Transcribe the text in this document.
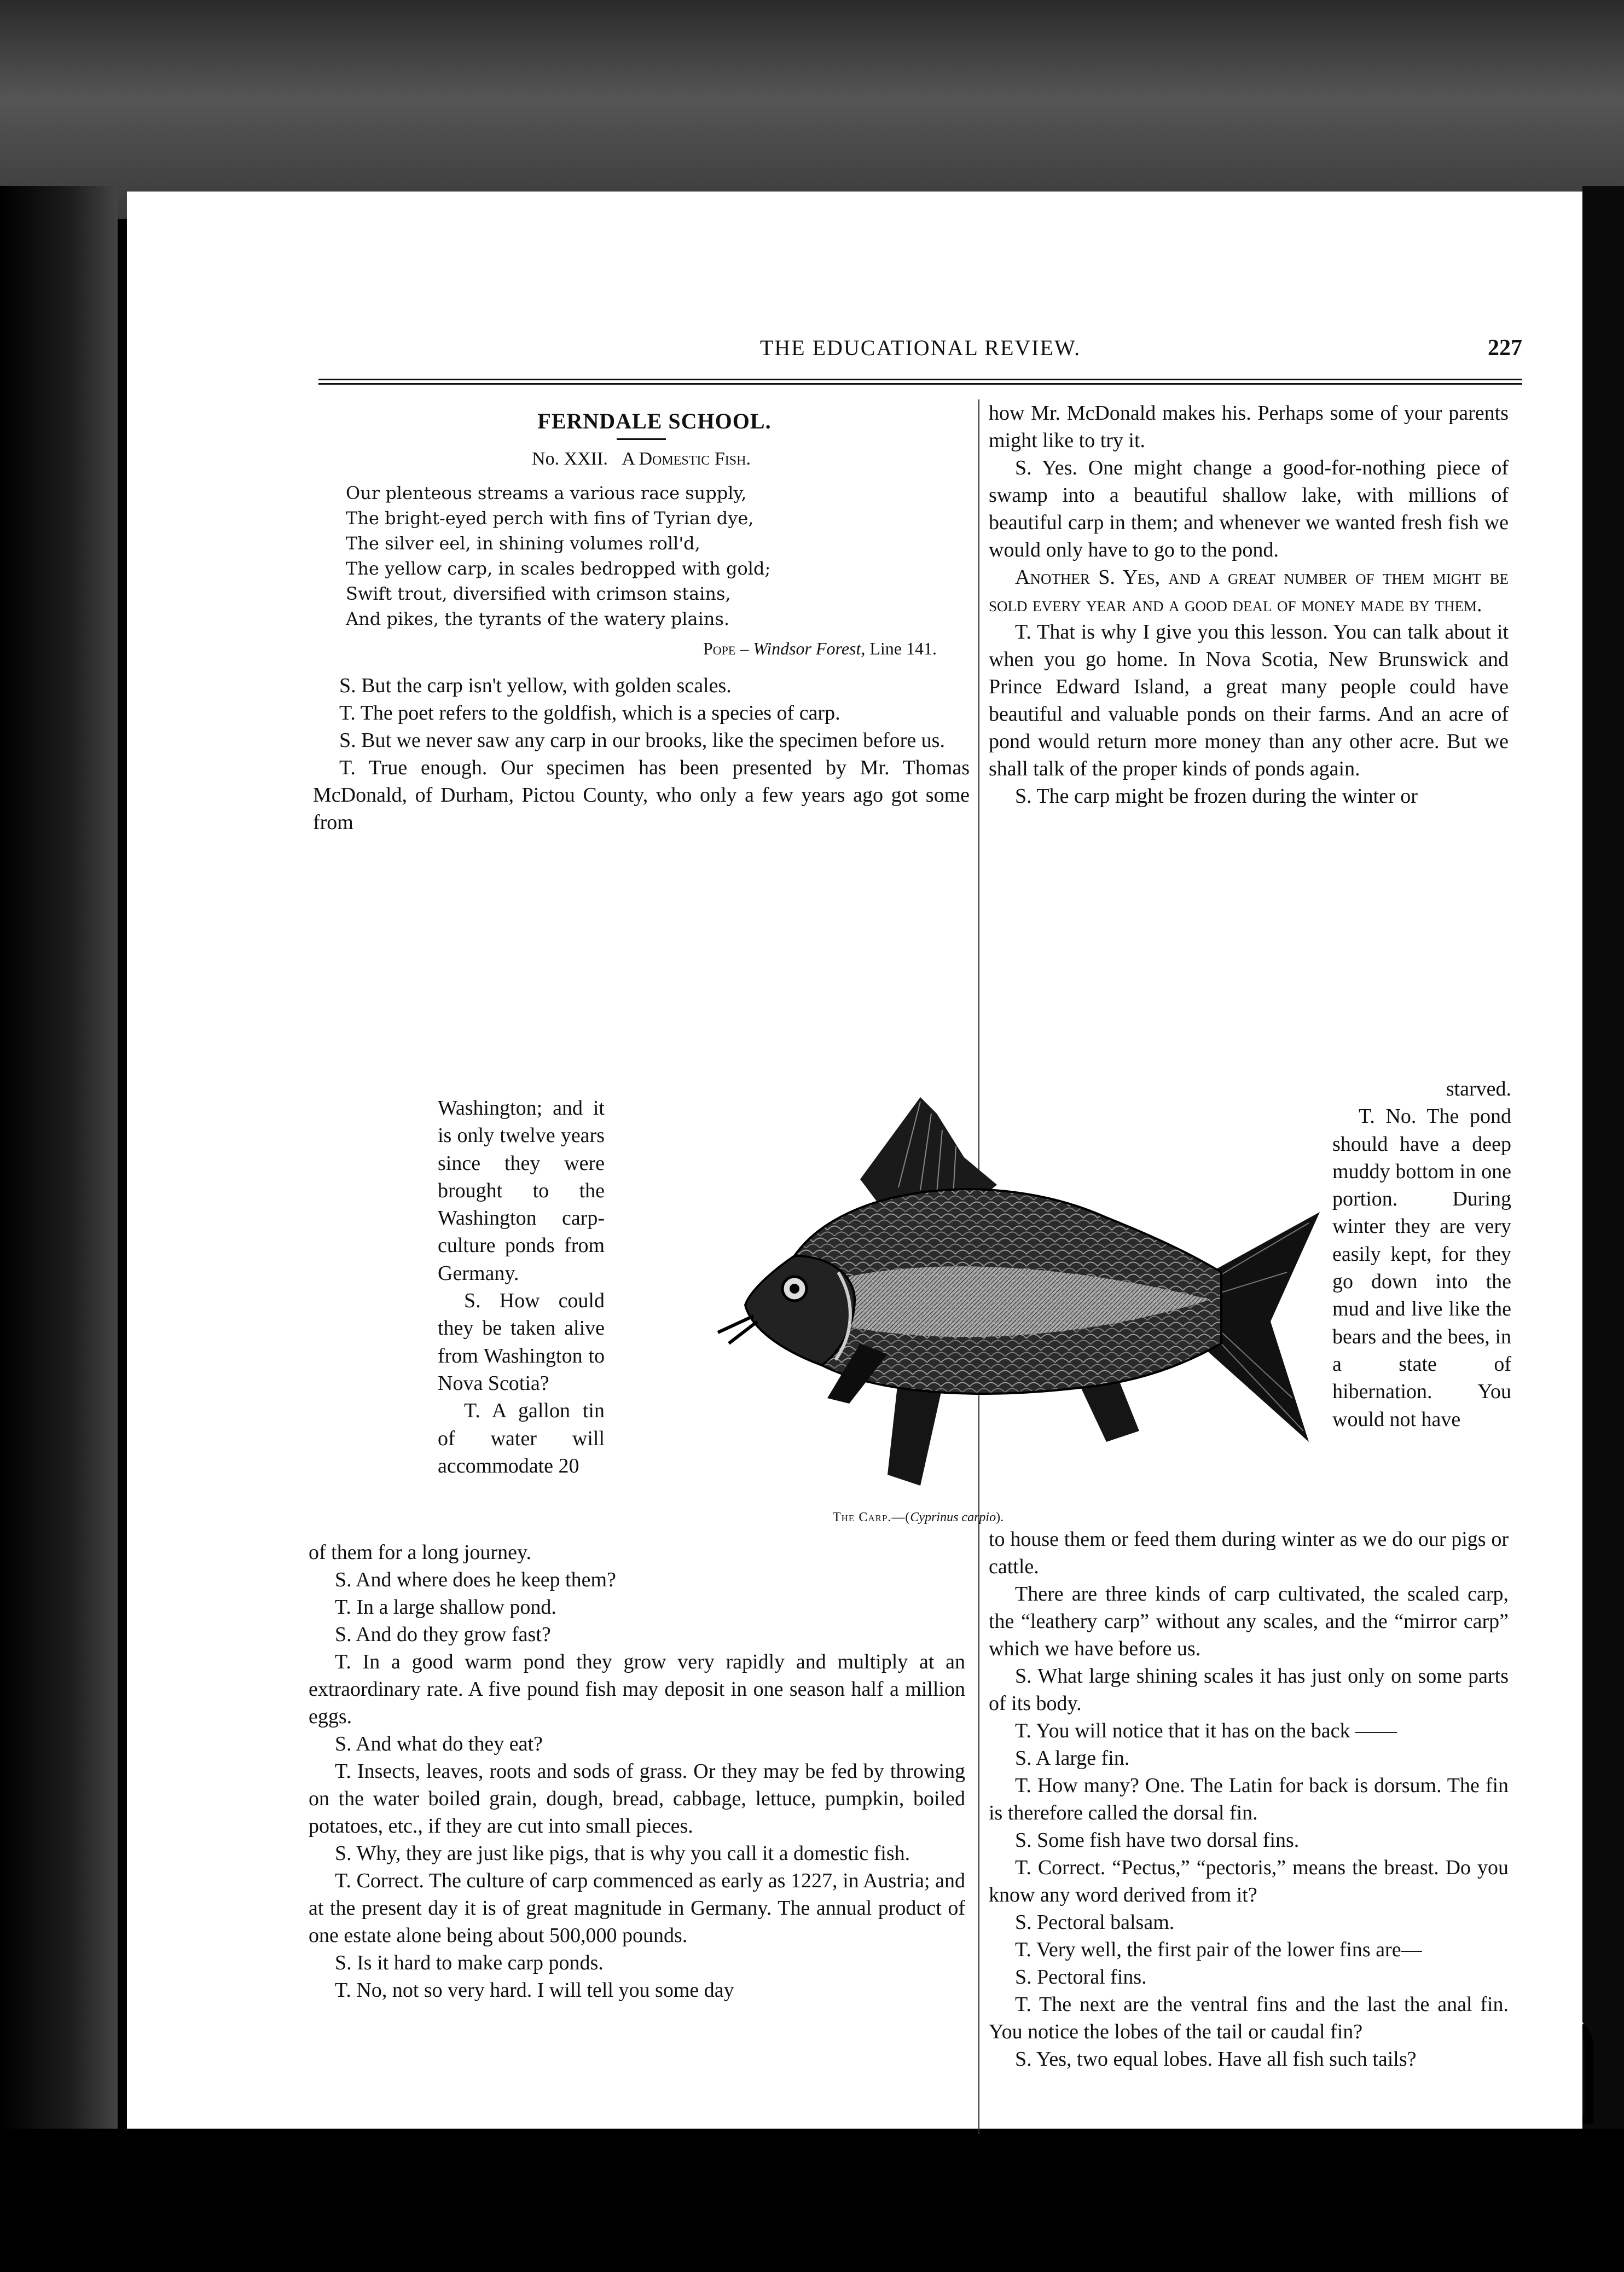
THE EDUCATIONAL REVIEW.	227

FERNDALE SCHOOL.

No. XXII. A Domestic Fish.
Our plenteous streams a various race supply,
The bright-eyed perch with fins of Tyrian dye,
The silver eel, in shining volumes roll'd,
The yellow carp, in scales bedropped with gold;
Swift trout, diversified with crimson stains,
And pikes, the tyrants of the watery plains.
Pope – Windsor Forest, Line 141.

S. But the carp isn't yellow, with golden scales.

T. The poet refers to the goldfish, which is a species of carp.

S. But we never saw any carp in our brooks, like the specimen before us.

T. True enough. Our specimen has been presented by Mr. Thomas McDonald, of Durham, Pictou County, who only a few years ago got some from

Washington; and it is only twelve years since they were brought to the Washington carp-culture ponds from Germany.

S. How could they be taken alive from Washington to Nova Scotia?

T. A gallon tin of water will accommodate 20

The Carp.—(Cyprinus carpio).

of them for a long journey.

S. And where does he keep them?

T. In a large shallow pond.

S. And do they grow fast?

T. In a good warm pond they grow very rapidly and multiply at an extraordinary rate. A five pound fish may deposit in one season half a million eggs.

S. And what do they eat?

T. Insects, leaves, roots and sods of grass. Or they may be fed by throwing on the water boiled grain, dough, bread, cabbage, lettuce, pumpkin, boiled potatoes, etc., if they are cut into small pieces.

S. Why, they are just like pigs, that is why you call it a domestic fish.

T. Correct. The culture of carp commenced as early as 1227, in Austria; and at the present day it is of great magnitude in Germany. The annual product of one estate alone being about 500,000 pounds.

S. Is it hard to make carp ponds.

T. No, not so very hard. I will tell you some day

how Mr. McDonald makes his. Perhaps some of your parents might like to try it.

S. Yes. One might change a good-for-nothing piece of swamp into a beautiful shallow lake, with millions of beautiful carp in them; and whenever we wanted fresh fish we would only have to go to the pond.

Another S. Yes, and a great number of them might be sold every year and a good deal of money made by them.

T. That is why I give you this lesson. You can talk about it when you go home. In Nova Scotia, New Brunswick and Prince Edward Island, a great many people could have beautiful and valuable ponds on their farms. And an acre of pond would return more money than any other acre. But we shall talk of the proper kinds of ponds again.

S. The carp might be frozen during the winter or

starved.

T. No. The pond should have a deep muddy bottom in one portion. During winter they are very easily kept, for they go down into the mud and live like the bears and the bees, in a state of hibernation. You would not have

to house them or feed them during winter as we do our pigs or cattle.

There are three kinds of carp cultivated, the scaled carp, the “leathery carp” without any scales, and the “mirror carp” which we have before us.

S. What large shining scales it has just only on some parts of its body.

T. You will notice that it has on the back ——

S. A large fin.

T. How many? One. The Latin for back is dorsum. The fin is therefore called the dorsal fin.

S. Some fish have two dorsal fins.

T. Correct. “Pectus,” “pectoris,” means the breast. Do you know any word derived from it?

S. Pectoral balsam.

T. Very well, the first pair of the lower fins are—

S. Pectoral fins.

T. The next are the ventral fins and the last the anal fin. You notice the lobes of the tail or caudal fin?

S. Yes, two equal lobes. Have all fish such tails?
